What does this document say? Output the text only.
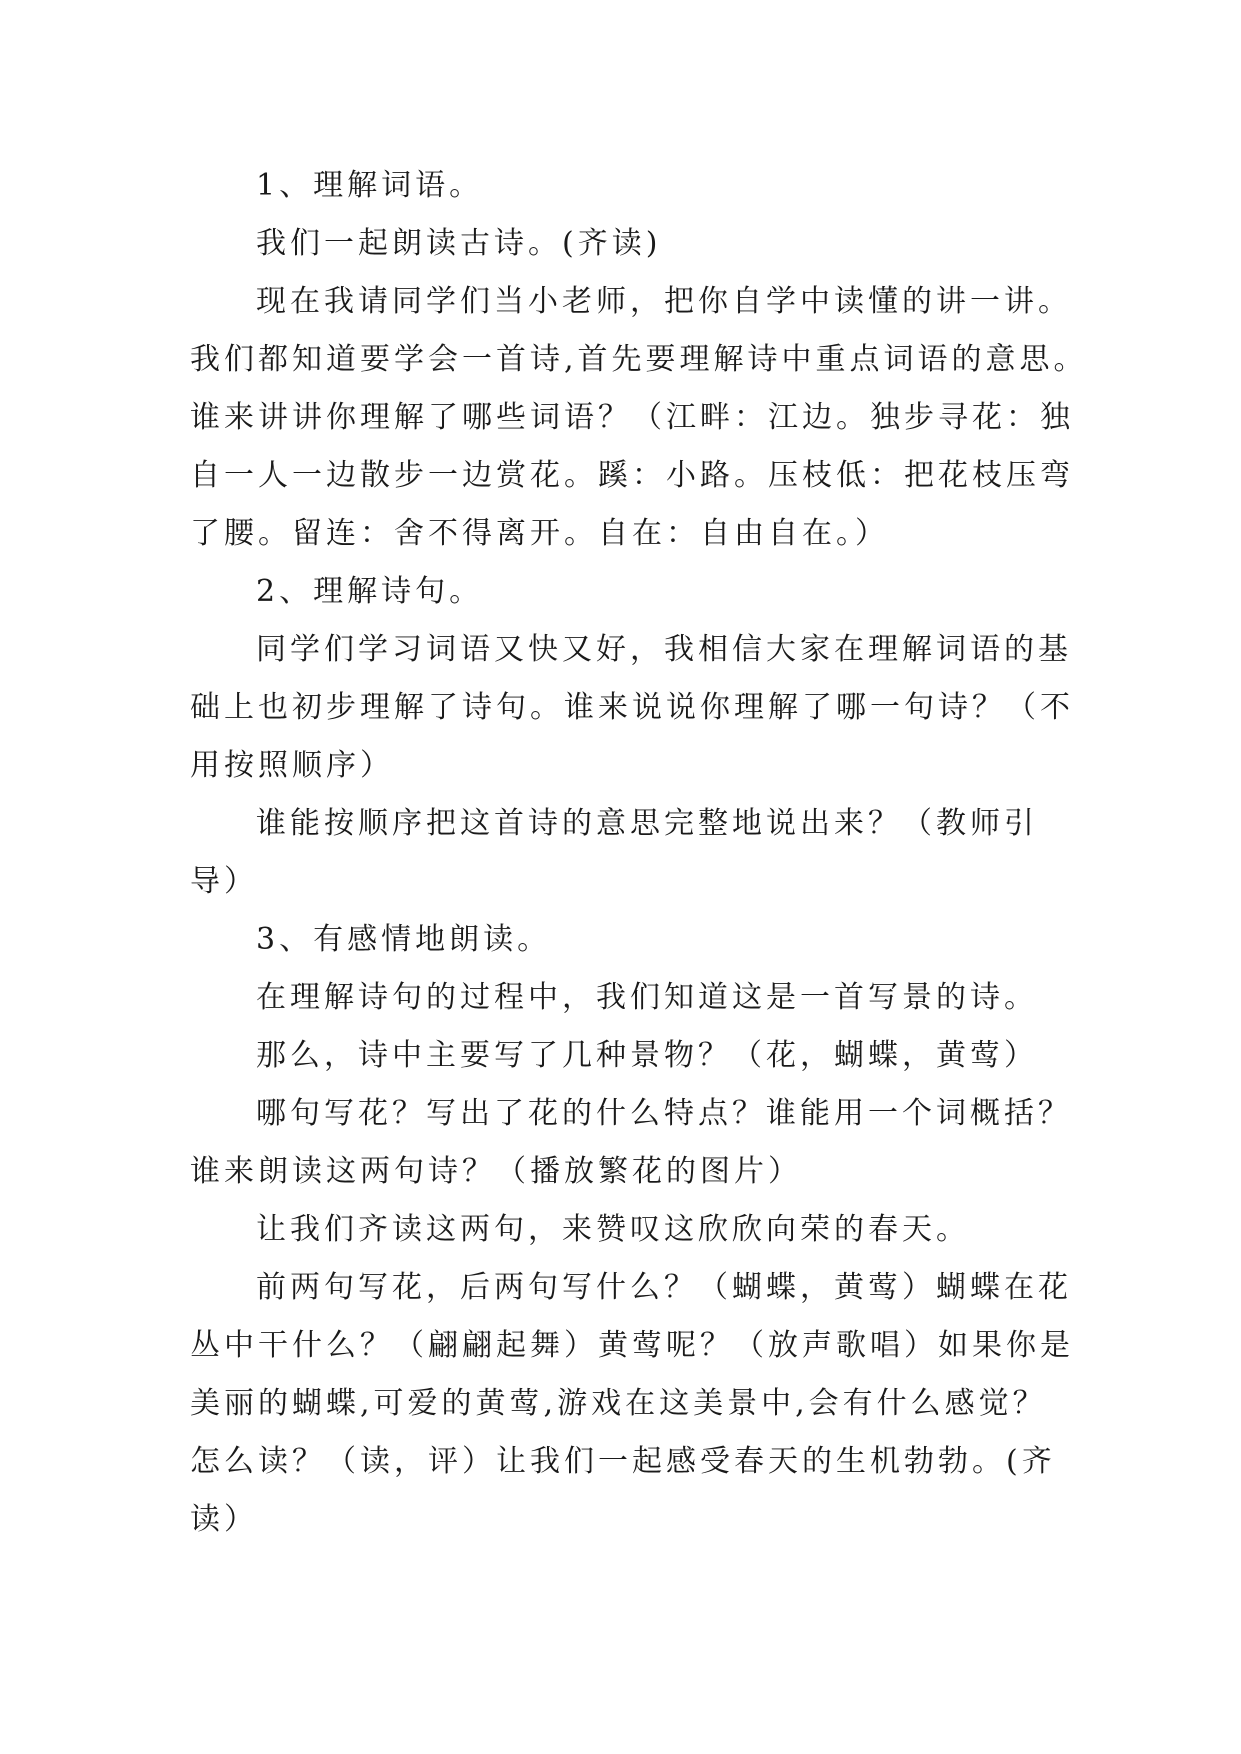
1、理解词语。
我们一起朗读古诗。(齐读)
现在我请同学们当小老师，把你自学中读懂的讲一讲。
我们都知道要学会一首诗,首先要理解诗中重点词语的意思。
谁来讲讲你理解了哪些词语？（江畔：江边。独步寻花：独
自一人一边散步一边赏花。蹊：小路。压枝低：把花枝压弯
了腰。留连：舍不得离开。自在：自由自在。）
2、理解诗句。
同学们学习词语又快又好，我相信大家在理解词语的基
础上也初步理解了诗句。谁来说说你理解了哪一句诗？（不
用按照顺序）
谁能按顺序把这首诗的意思完整地说出来？（教师引
导）
3、有感情地朗读。
在理解诗句的过程中，我们知道这是一首写景的诗。
那么，诗中主要写了几种景物？（花，蝴蝶，黄莺）
哪句写花？写出了花的什么特点？谁能用一个词概括？
谁来朗读这两句诗？（播放繁花的图片）
让我们齐读这两句，来赞叹这欣欣向荣的春天。
前两句写花，后两句写什么？（蝴蝶，黄莺）蝴蝶在花
丛中干什么？（翩翩起舞）黄莺呢？（放声歌唱）如果你是
美丽的蝴蝶,可爱的黄莺,游戏在这美景中,会有什么感觉？
怎么读？（读，评）让我们一起感受春天的生机勃勃。(齐
读）
